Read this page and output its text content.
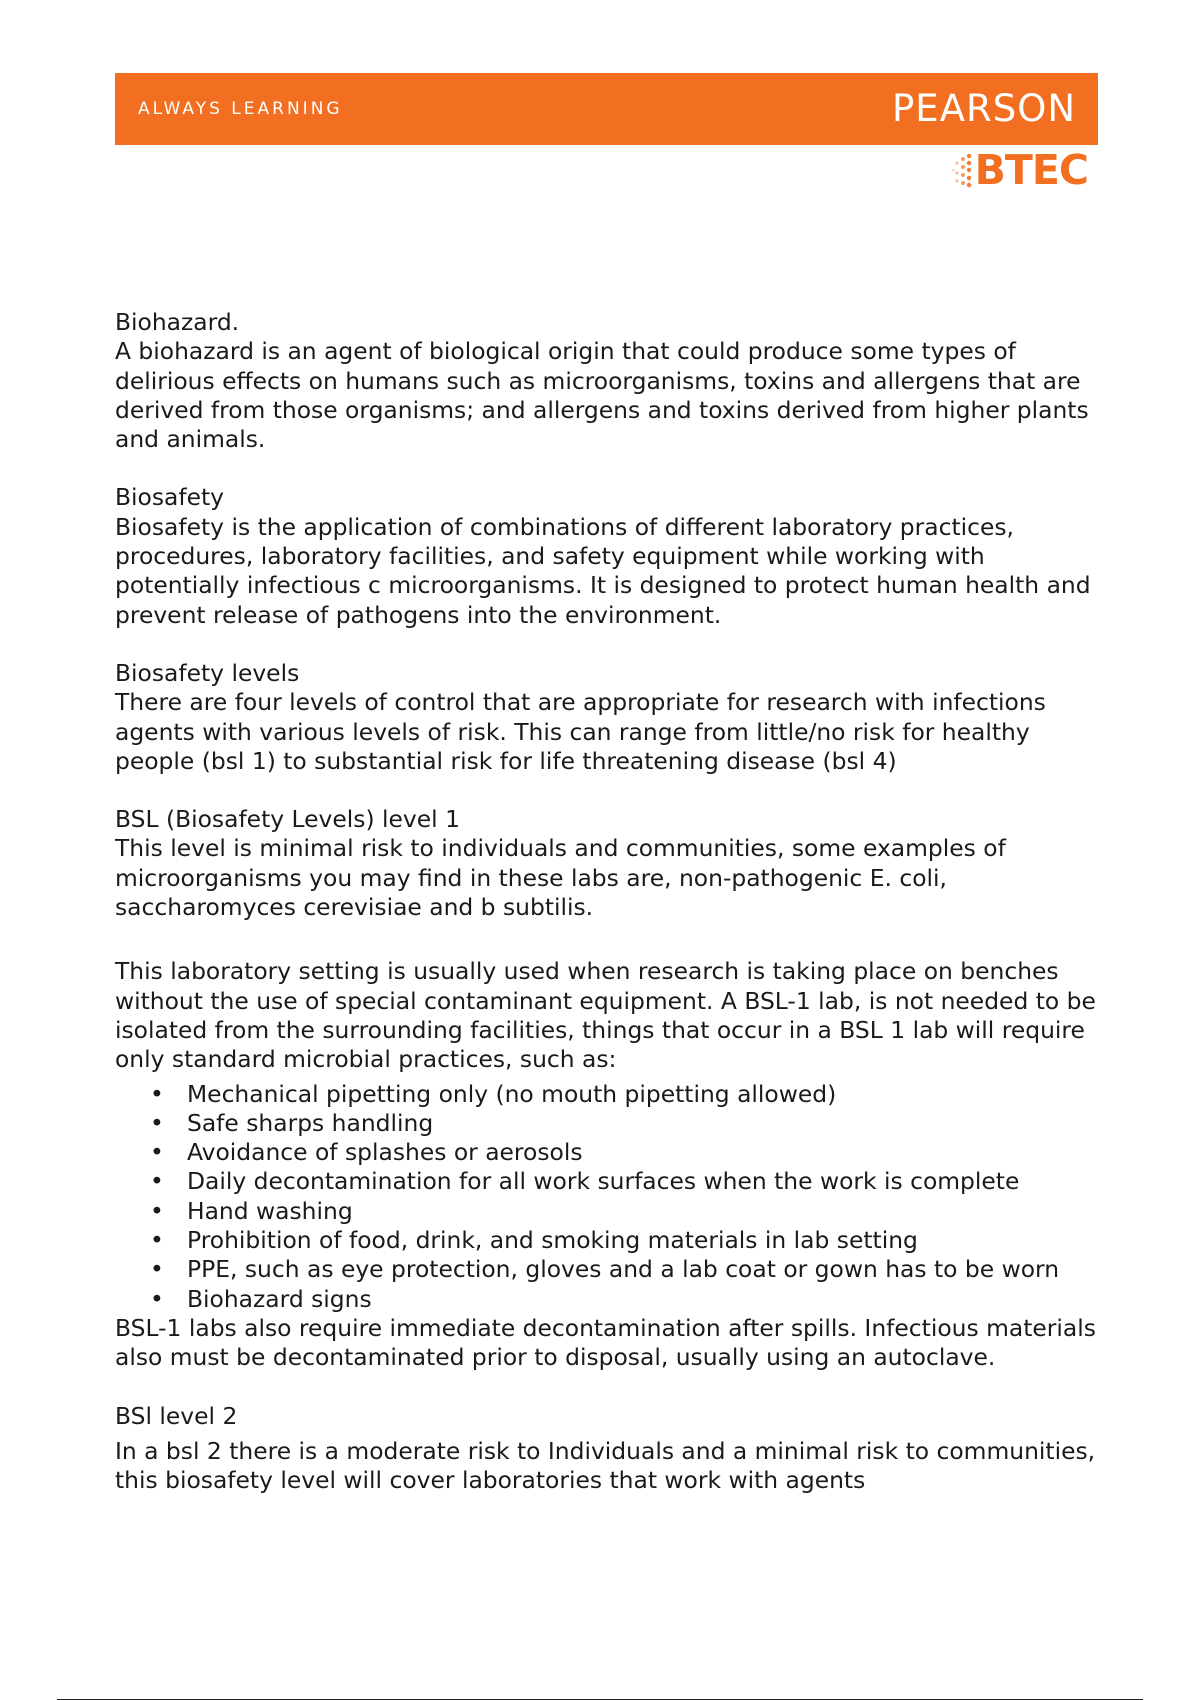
ALWAYS LEARNING	PEARSON
BTEC

Biohazard.

A biohazard is an agent of biological origin that could produce some types of delirious effects on humans such as microorganisms, toxins and allergens that are derived from those organisms; and allergens and toxins derived from higher plants and animals.

Biosafety

Biosafety is the application of combinations of different laboratory practices, procedures, laboratory facilities, and safety equipment while working with potentially infectious c microorganisms. It is designed to protect human health and prevent release of pathogens into the environment.

Biosafety levels

There are four levels of control that are appropriate for research with infections agents with various levels of risk. This can range from little/no risk for healthy people (bsl 1) to substantial risk for life threatening disease (bsl 4)

BSL (Biosafety Levels) level 1

This level is minimal risk to individuals and communities, some examples of microorganisms you may find in these labs are, non-pathogenic E. coli, saccharomyces cerevisiae and b subtilis.

This laboratory setting is usually used when research is taking place on benches without the use of special contaminant equipment. A BSL-1 lab, is not needed to be isolated from the surrounding facilities, things that occur in a BSL 1 lab will require only standard microbial practices, such as:

• Mechanical pipetting only (no mouth pipetting allowed)
• Safe sharps handling
• Avoidance of splashes or aerosols
• Daily decontamination for all work surfaces when the work is complete
• Hand washing
• Prohibition of food, drink, and smoking materials in lab setting
• PPE, such as eye protection, gloves and a lab coat or gown has to be worn
• Biohazard signs

BSL-1 labs also require immediate decontamination after spills. Infectious materials also must be decontaminated prior to disposal, usually using an autoclave.

BSl level 2

In a bsl 2 there is a moderate risk to Individuals and a minimal risk to communities, this biosafety level will cover laboratories that work with agents
